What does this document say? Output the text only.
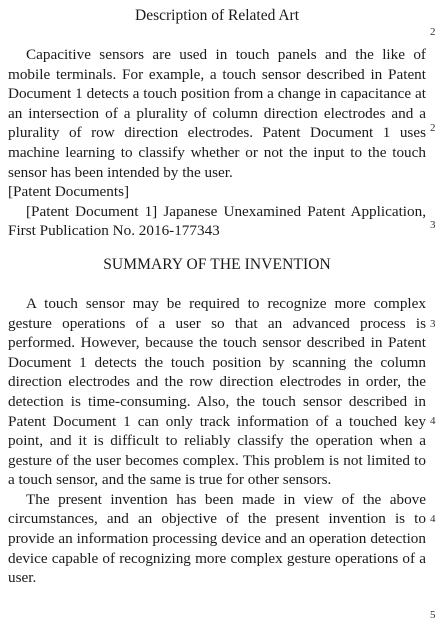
Description of Related Art

Capacitive sensors are used in touch panels and the like of mobile terminals. For example, a touch sensor described in Patent Document 1 detects a touch position from a change in capacitance at an intersection of a plurality of column direction electrodes and a plurality of row direction electrodes. Patent Document 1 uses machine learning to classify whether or not the input to the touch sensor has been intended by the user.

[Patent Documents]

[Patent Document 1] Japanese Unexamined Patent Application, First Publication No. 2016-177343

SUMMARY OF THE INVENTION

A touch sensor may be required to recognize more complex gesture operations of a user so that an advanced process is performed. However, because the touch sensor described in Patent Document 1 detects the touch position by scanning the column direction electrodes and the row direction electrodes in order, the detection is time-consuming. Also, the touch sensor described in Patent Document 1 can only track information of a touched key point, and it is difficult to reliably classify the operation when a gesture of the user becomes complex. This problem is not limited to a touch sensor, and the same is true for other sensors.

The present invention has been made in view of the above circumstances, and an objective of the present invention is to provide an information processing device and an operation detection device capable of recognizing more complex gesture operations of a user.

2
2
3
3
4
4
5
